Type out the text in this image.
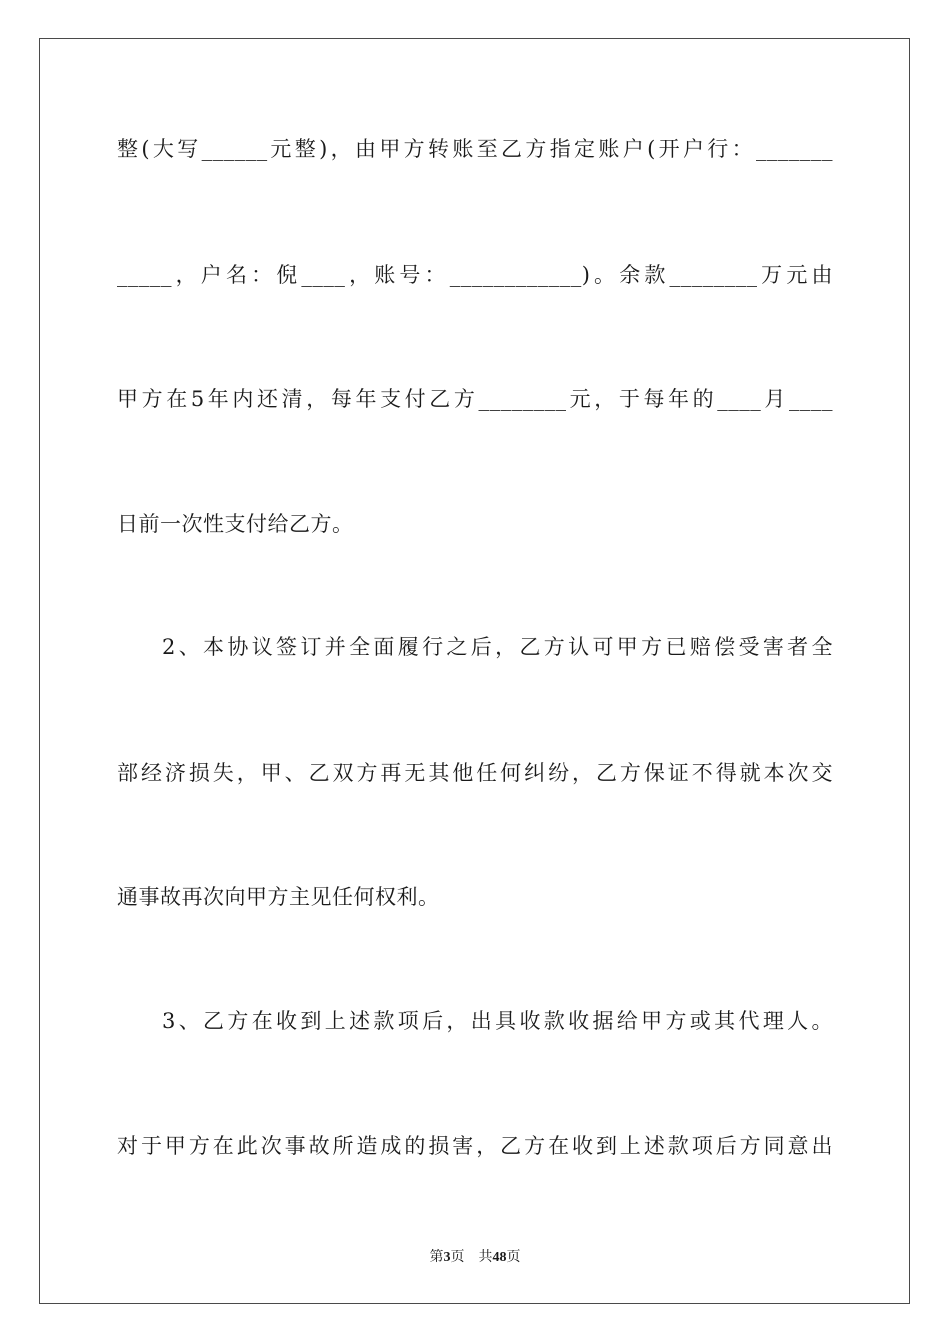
整(大写______元整)，由甲方转账至乙方指定账户(开户行：_______
_____，户名：倪____，账号：____________)。余款________万元由
甲方在5年内还清，每年支付乙方________元，于每年的____月____
日前一次性支付给乙方。
2、本协议签订并全面履行之后，乙方认可甲方已赔偿受害者全
部经济损失，甲、乙双方再无其他任何纠纷，乙方保证不得就本次交
通事故再次向甲方主见任何权利。
3、乙方在收到上述款项后，出具收款收据给甲方或其代理人。
对于甲方在此次事故所造成的损害，乙方在收到上述款项后方同意出
第3页 共48页
